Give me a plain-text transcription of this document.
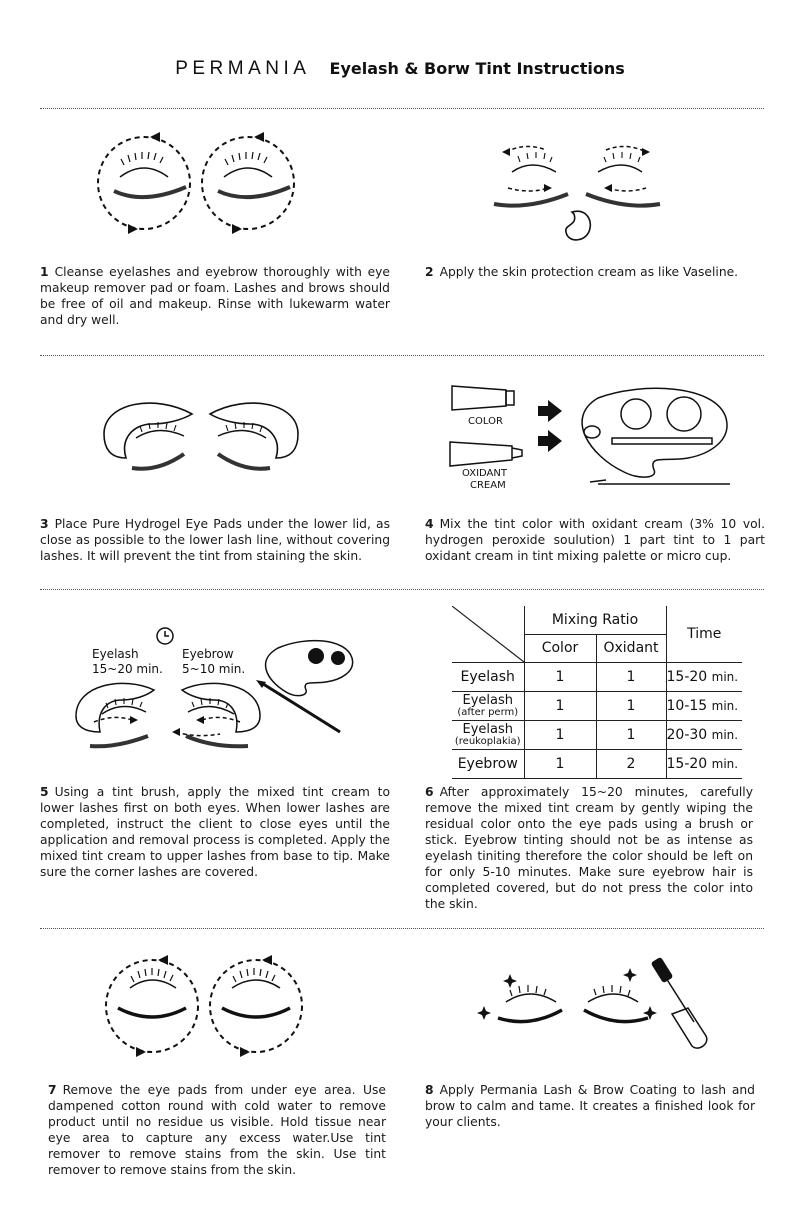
PERMANIA Eyelash & Borw Tint Instructions
1 Cleanse eyelashes and eyebrow thoroughly with eye makeup remover pad or foam. Lashes and brows should be free of oil and makeup. Rinse with lukewarm water and dry well.
2 Apply the skin protection cream as like Vaseline.
COLOR
OXIDANT
CREAM
3 Place Pure Hydrogel Eye Pads under the lower lid, as close as possible to the lower lash line, without covering lashes. It will prevent the tint from staining the skin.
4 Mix the tint color with oxidant cream (3% 10 vol. hydrogen peroxide soulution) 1 part tint to 1 part oxidant cream in tint mixing palette or micro cup.
Eyelash
15~20 min.
Eyebrow
5~10 min.
	Mixing Ratio		Time
	Color	Oxidant	
Eyelash	1	1	15-20 min.

Eyelash
(after perm)	1	1	10-15 min.

Eyelash
(reukoplakia)	1	1	20-30 min.
Eyebrow	1	2	15-20 min.
5 Using a tint brush, apply the mixed tint cream to lower lashes first on both eyes. When lower lashes are completed, instruct the client to close eyes until the application and removal process is completed. Apply the mixed tint cream to upper lashes from base to tip. Make sure the corner lashes are covered.
6 After approximately 15~20 minutes, carefully remove the mixed tint cream by gently wiping the residual color onto the eye pads using a brush or stick. Eyebrow tinting should not be as intense as eyelash tiniting therefore the color should be left on for only 5-10 minutes. Make sure eyebrow hair is completed covered, but do not press the color into the skin.
7 Remove the eye pads from under eye area. Use dampened cotton round with cold water to remove product until no residue us visible. Hold tissue near eye area to capture any excess water.Use tint remover to remove stains from the skin. Use tint remover to remove stains from the skin.
8 Apply Permania Lash & Brow Coating to lash and brow to calm and tame. It creates a finished look for your clients.
